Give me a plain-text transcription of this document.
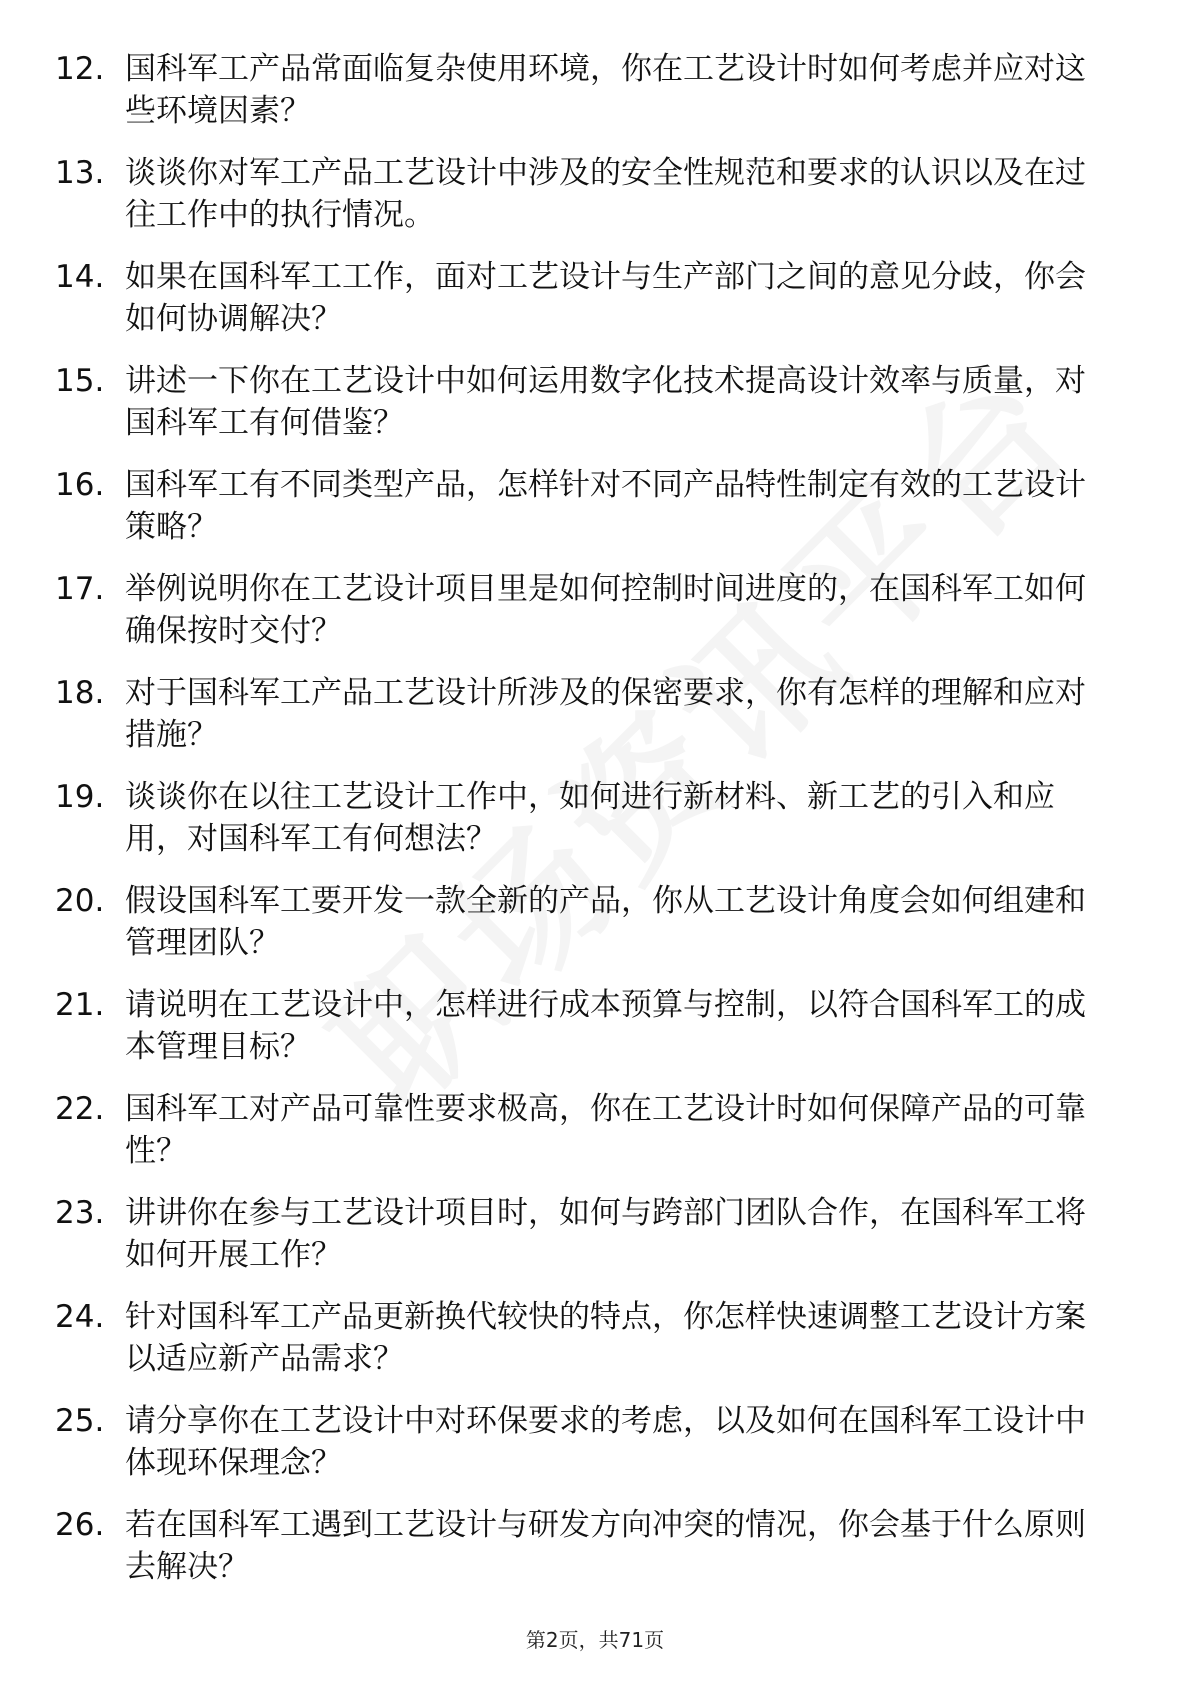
12. 国科军工产品常面临复杂使用环境，你在工艺设计时如何考虑并应对这些环境因素？
13. 谈谈你对军工产品工艺设计中涉及的安全性规范和要求的认识以及在过往工作中的执行情况。
14. 如果在国科军工工作，面对工艺设计与生产部门之间的意见分歧，你会如何协调解决？
15. 讲述一下你在工艺设计中如何运用数字化技术提高设计效率与质量，对国科军工有何借鉴？
16. 国科军工有不同类型产品，怎样针对不同产品特性制定有效的工艺设计策略？
17. 举例说明你在工艺设计项目里是如何控制时间进度的，在国科军工如何确保按时交付？
18. 对于国科军工产品工艺设计所涉及的保密要求，你有怎样的理解和应对措施？
19. 谈谈你在以往工艺设计工作中，如何进行新材料、新工艺的引入和应用，对国科军工有何想法？
20. 假设国科军工要开发一款全新的产品，你从工艺设计角度会如何组建和管理团队？
21. 请说明在工艺设计中，怎样进行成本预算与控制，以符合国科军工的成本管理目标？
22. 国科军工对产品可靠性要求极高，你在工艺设计时如何保障产品的可靠性？
23. 讲讲你在参与工艺设计项目时，如何与跨部门团队合作，在国科军工将如何开展工作？
24. 针对国科军工产品更新换代较快的特点，你怎样快速调整工艺设计方案以适应新产品需求？
25. 请分享你在工艺设计中对环保要求的考虑，以及如何在国科军工设计中体现环保理念？
26. 若在国科军工遇到工艺设计与研发方向冲突的情况，你会基于什么原则去解决？
第2页，共71页
